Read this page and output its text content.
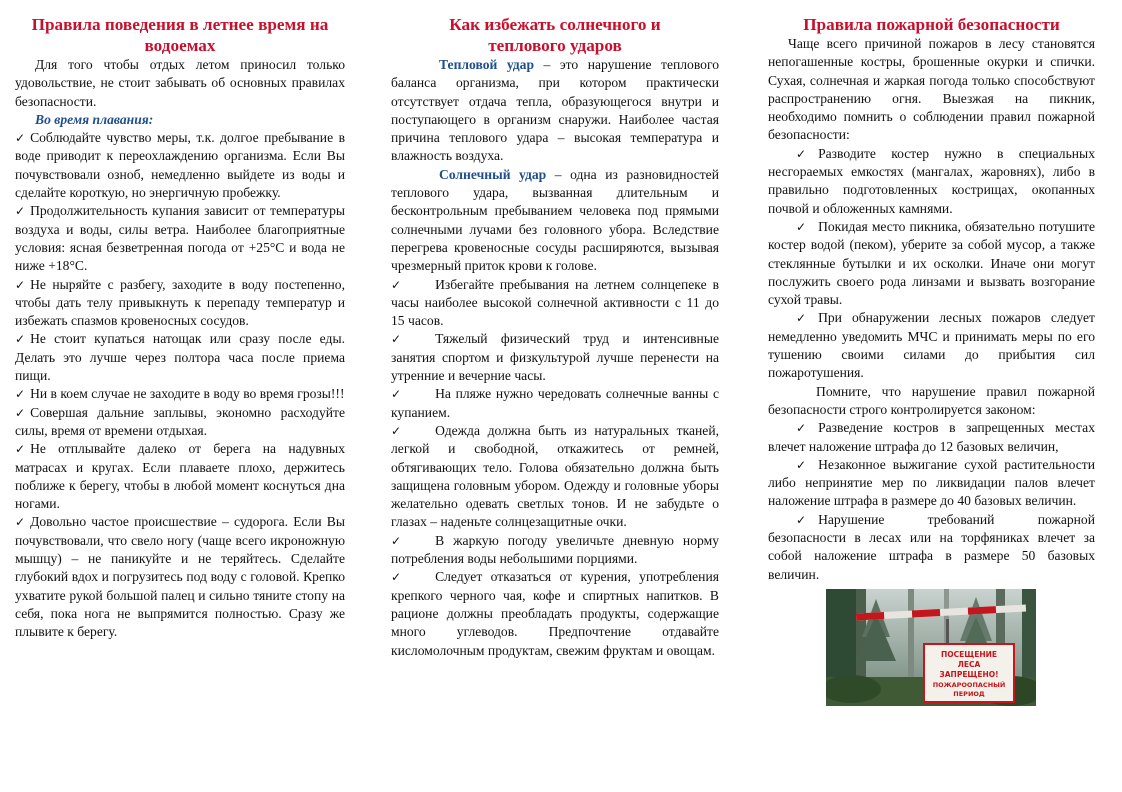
Правила поведения в летнее время на водоемах
Для того чтобы отдых летом приносил только удовольствие, не стоит забывать об основных правилах безопасности.
Во время плавания:
✓ Соблюдайте чувство меры, т.к. долгое пребывание в воде приводит к переохлаждению организма. Если Вы почувствовали озноб, немедленно выйдете из воды и сделайте короткую, но энергичную пробежку.
✓ Продолжительность купания зависит от температуры воздуха и воды, силы ветра. Наиболее благоприятные условия: ясная безветренная погода от +25°С и вода не ниже +18°С.
✓ Не ныряйте с разбегу, заходите в воду постепенно, чтобы дать телу привыкнуть к перепаду температур и избежать спазмов кровеносных сосудов.
✓ Не стоит купаться натощак или сразу после еды. Делать это лучше через полтора часа после приема пищи.
✓ Ни в коем случае не заходите в воду во время грозы!!!
✓ Совершая дальние заплывы, экономно расходуйте силы, время от времени отдыхая.
✓ Не отплывайте далеко от берега на надувных матрасах и кругах. Если плаваете плохо, держитесь поближе к берегу, чтобы в любой момент коснуться дна ногами.
✓ Довольно частое происшествие – судорога. Если Вы почувствовали, что свело ногу (чаще всего икроножную мышцу) – не паникуйте и не теряйтесь. Сделайте глубокий вдох и погрузитесь под воду с головой. Крепко ухватите рукой большой палец и сильно тяните стопу на себя, пока нога не выпрямится полностью. Сразу же плывите к берегу.
Как избежать солнечного и теплового ударов
Тепловой удар – это нарушение теплового баланса организма, при котором практически отсутствует отдача тепла, образующегося внутри и поступающего в организм снаружи. Наиболее частая причина теплового удара – высокая температура и влажность воздуха.
Солнечный удар – одна из разновидностей теплового удара, вызванная длительным и бесконтрольным пребыванием человека под прямыми солнечными лучами без головного убора. Вследствие перегрева кровеносные сосуды расширяются, вызывая чрезмерный приток крови к голове.
✓	Избегайте пребывания на летнем солнцепеке в часы наиболее высокой солнечной активности с 11 до 15 часов.
✓	Тяжелый физический труд и интенсивные занятия спортом и физкультурой лучше перенести на утренние и вечерние часы.
✓	На пляже нужно чередовать солнечные ванны с купанием.
✓	Одежда должна быть из натуральных тканей, легкой и свободной, откажитесь от ремней, обтягивающих тело. Голова обязательно должна быть защищена головным убором. Одежду и головные уборы желательно одевать светлых тонов. И не забудьте о глазах – наденьте солнцезащитные очки.
✓	В жаркую погоду увеличьте дневную норму потребления воды небольшими порциями.
✓	Следует отказаться от курения, употребления крепкого черного чая, кофе и спиртных напитков. В рационе должны преобладать продукты, содержащие много углеводов. Предпочтение отдавайте кисломолочным продуктам, свежим фруктам и овощам.
Правила пожарной безопасности
Чаще всего причиной пожаров в лесу становятся непогашенные костры, брошенные окурки и спички. Сухая, солнечная и жаркая погода только способствуют распространению огня. Выезжая на пикник, необходимо помнить о соблюдении правил пожарной безопасности:
✓ Разводите костер нужно в специальных несгораемых емкостях (мангалах, жаровнях), либо в правильно подготовленных кострищах, окопанных почвой и обложенных камнями.
✓ Покидая место пикника, обязательно потушите костер водой (пеком), уберите за собой мусор, а также стеклянные бутылки и их осколки. Иначе они могут послужить своего рода линзами и вызвать возгорание сухой травы.
✓ При обнаружении лесных пожаров следует немедленно уведомить МЧС и принимать меры по его тушению своими силами до прибытия сил пожаротушения.
Помните, что нарушение правил пожарной безопасности строго контролируется законом:
✓ Разведение костров в запрещенных местах влечет наложение штрафа до 12 базовых величин,
✓ Незаконное выжигание сухой растительности либо непринятие мер по ликвидации палов влечет наложение штрафа в размере до 40 базовых величин.
✓ Нарушение требований пожарной безопасности в лесах или на торфяниках влечет за собой наложение штрафа в размере 50 базовых величин.
ПОСЕЩЕНИЕ
ЛЕСА
ЗАПРЕЩЕНО!
ПОЖАРООПАСНЫЙ
ПЕРИОД
